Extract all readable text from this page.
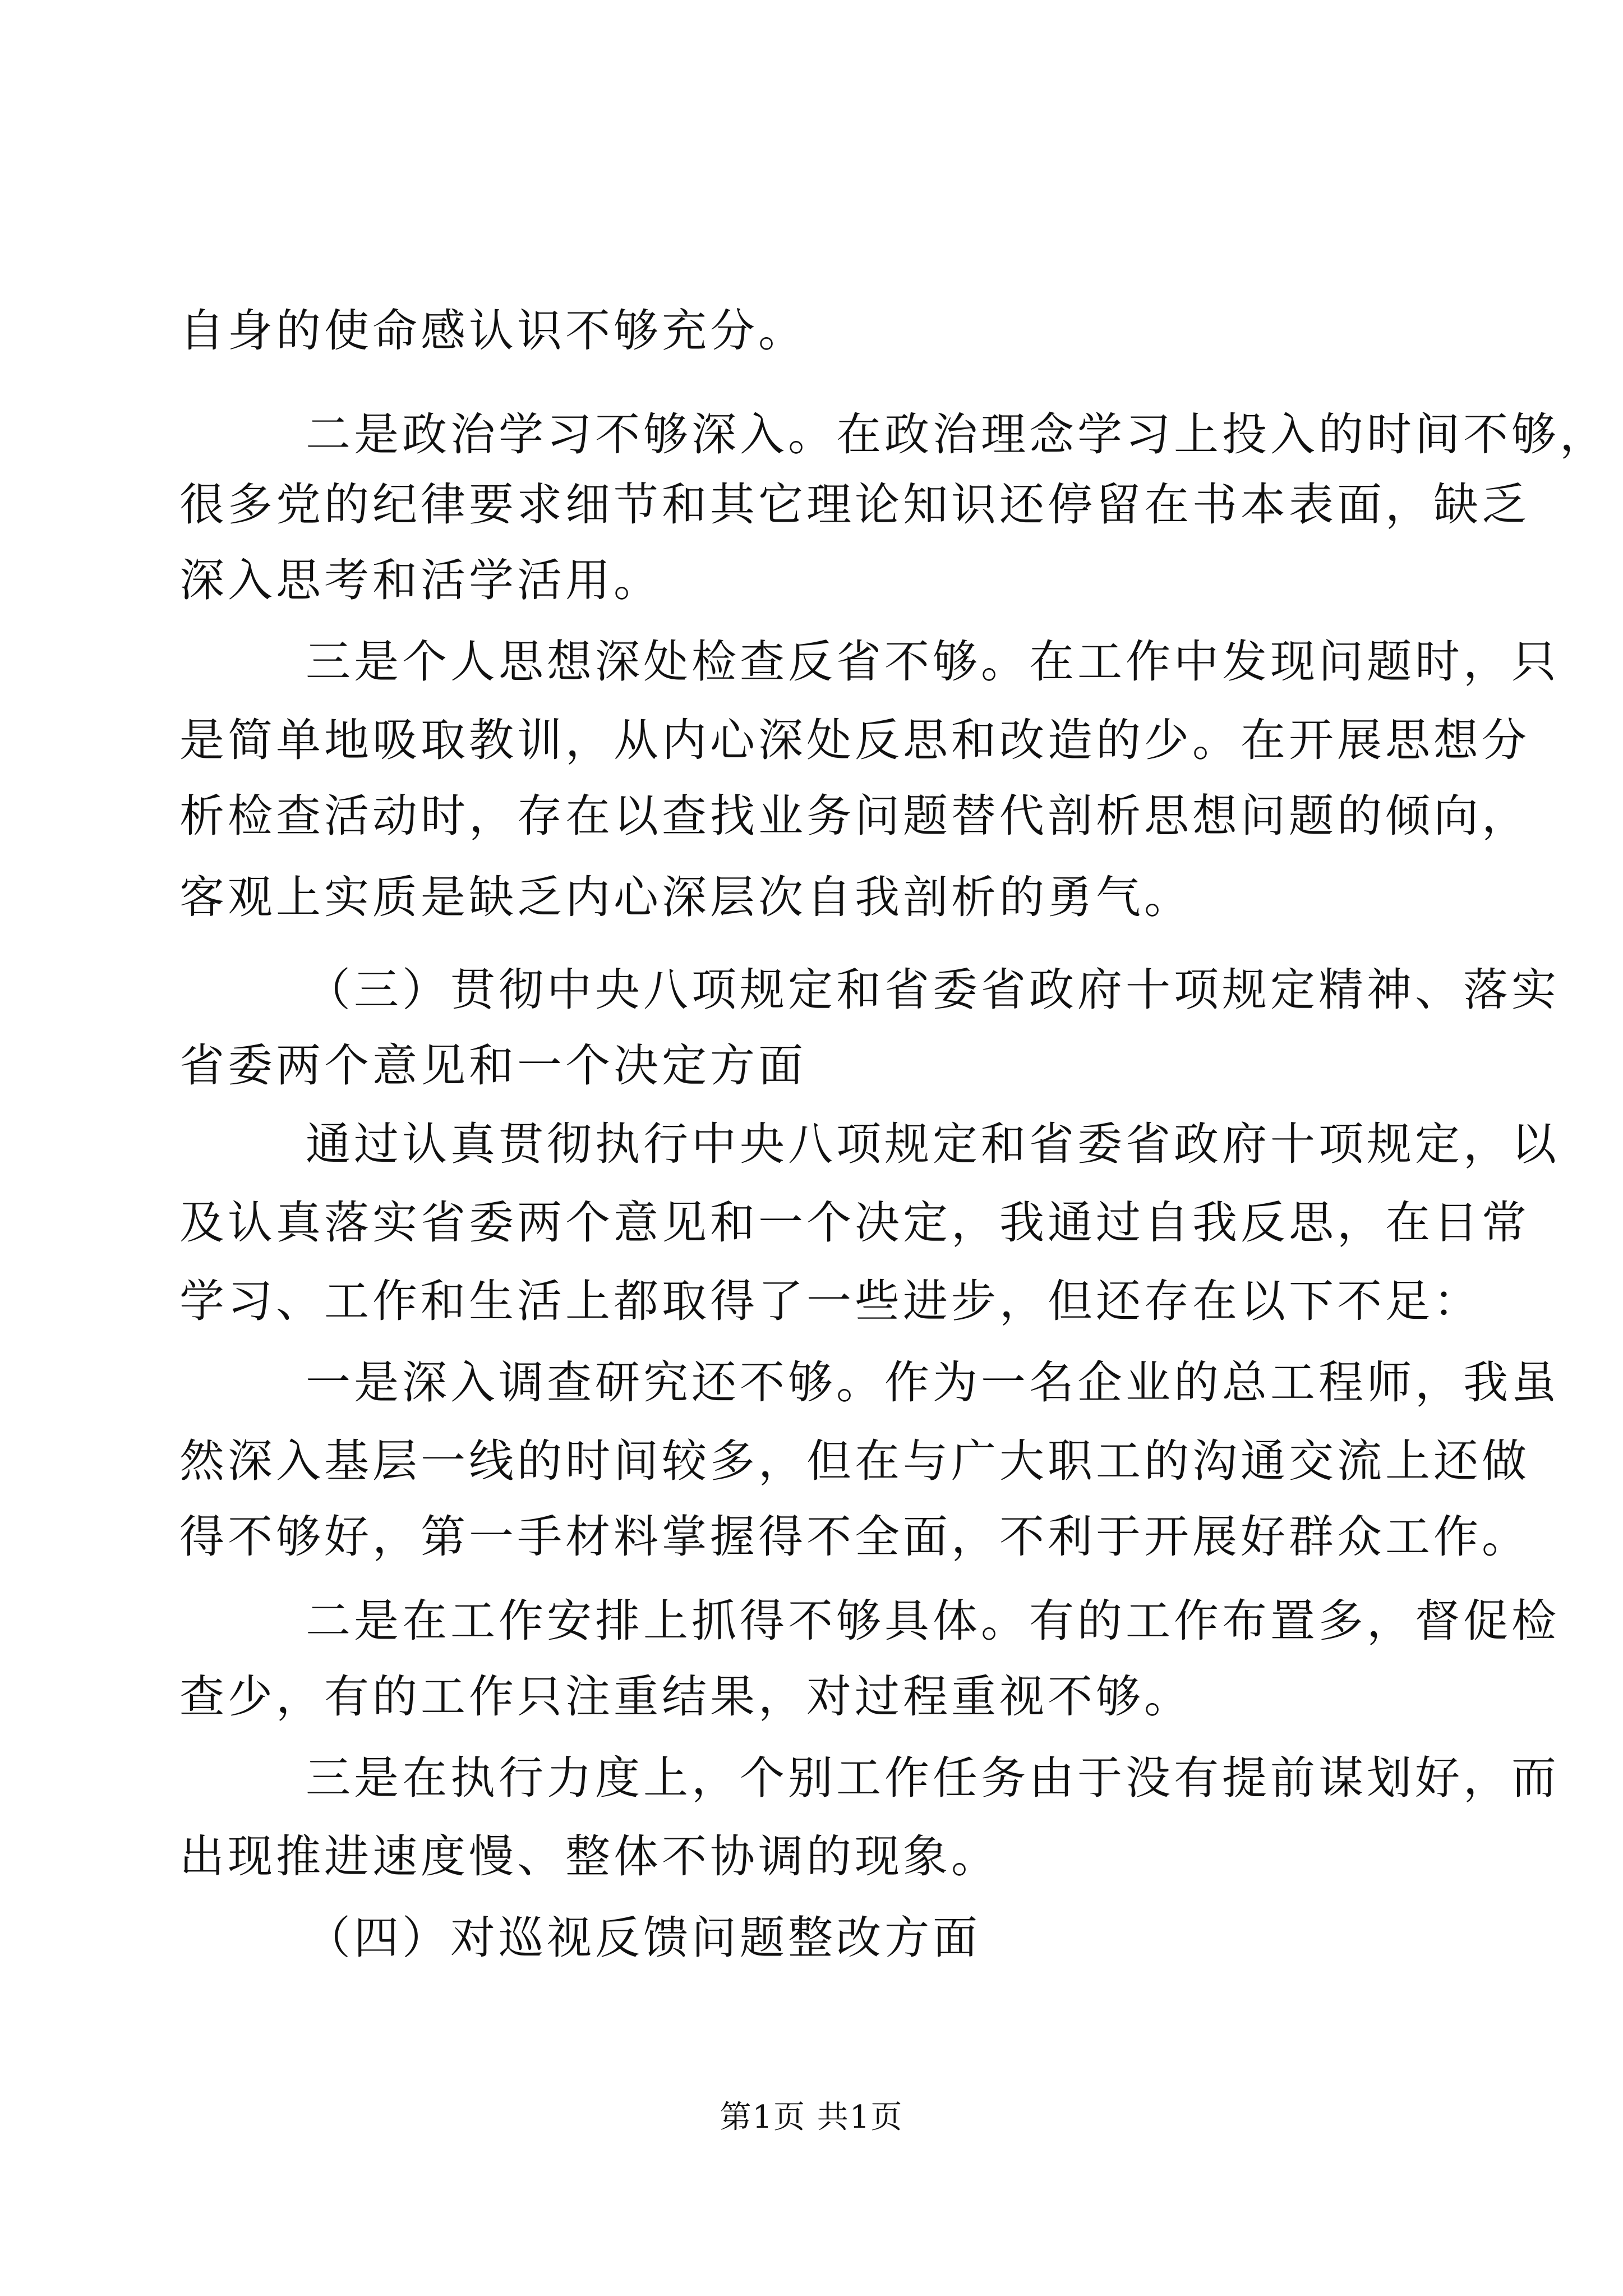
自身的使命感认识不够充分。

二是政治学习不够深入。在政治理念学习上投入的时间不够，

很多党的纪律要求细节和其它理论知识还停留在书本表面，缺乏

深入思考和活学活用。

三是个人思想深处检查反省不够。在工作中发现问题时，只

是简单地吸取教训，从内心深处反思和改造的少。在开展思想分

析检查活动时，存在以查找业务问题替代剖析思想问题的倾向，

客观上实质是缺乏内心深层次自我剖析的勇气。

（三）贯彻中央八项规定和省委省政府十项规定精神、落实

省委两个意见和一个决定方面

通过认真贯彻执行中央八项规定和省委省政府十项规定，以

及认真落实省委两个意见和一个决定，我通过自我反思，在日常

学习、工作和生活上都取得了一些进步，但还存在以下不足：

一是深入调查研究还不够。作为一名企业的总工程师，我虽

然深入基层一线的时间较多，但在与广大职工的沟通交流上还做

得不够好，第一手材料掌握得不全面，不利于开展好群众工作。

二是在工作安排上抓得不够具体。有的工作布置多，督促检

查少，有的工作只注重结果，对过程重视不够。

三是在执行力度上，个别工作任务由于没有提前谋划好，而

出现推进速度慢、整体不协调的现象。

（四）对巡视反馈问题整改方面

第1页 共1页
